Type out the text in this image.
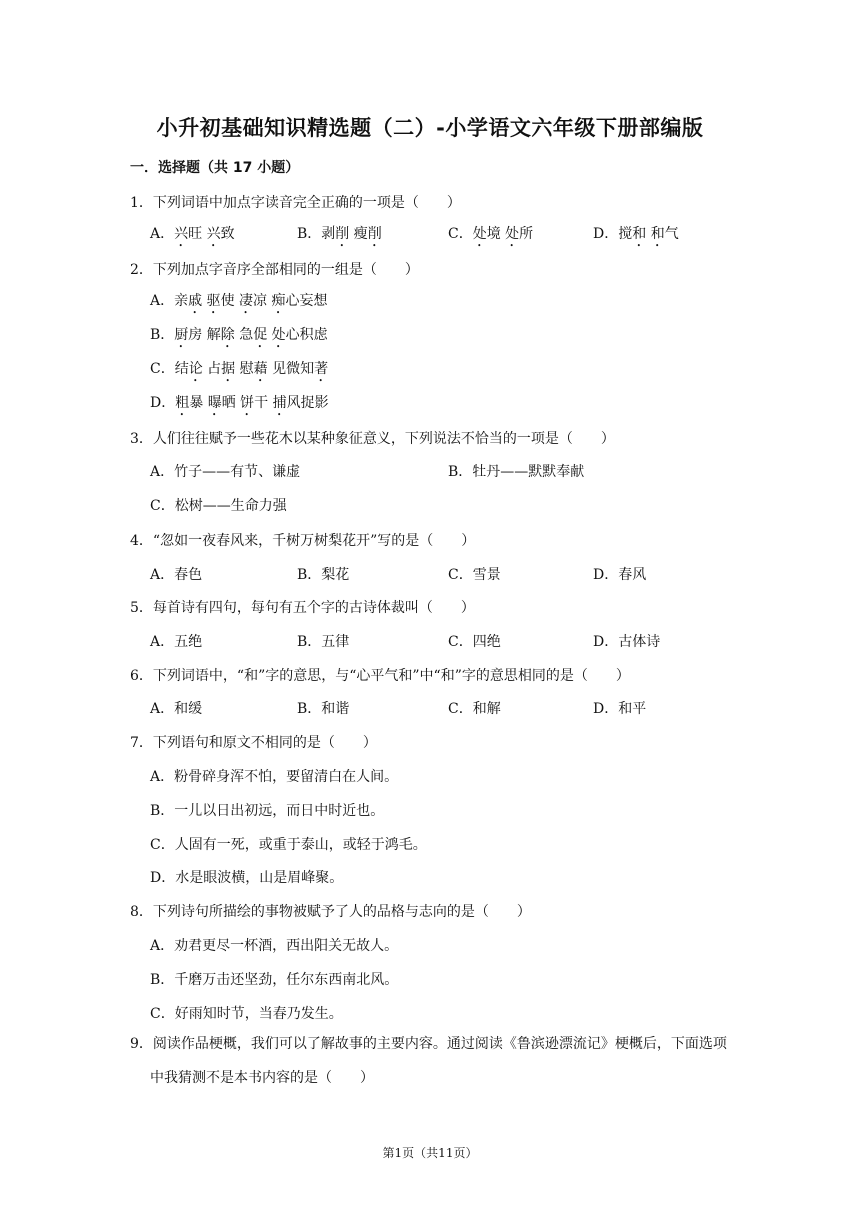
小升初基础知识精选题（二）-小学语文六年级下册部编版
一．选择题（共 17 小题）
1．下列词语中加点字读音完全正确的一项是（　　）
A．兴旺 兴致	B．剥削 瘦削	C．处境 处所	D．搅和 和气
2．下列加点字音序全部相同的一组是（　　）
A．亲戚 驱使 凄凉 痴心妄想
B．厨房 解除 急促 处心积虑
C．结论 占据 慰藉 见微知著
D．粗暴 曝晒 饼干 捕风捉影
3．人们往往赋予一些花木以某种象征意义，下列说法不恰当的一项是（　　）
A．竹子——有节、谦虚	B．牡丹——默默奉献
C．松树——生命力强
4．“忽如一夜春风来，千树万树梨花开”写的是（　　）
A．春色	B．梨花	C．雪景	D．春风
5．每首诗有四句，每句有五个字的古诗体裁叫（　　）
A．五绝	B．五律	C．四绝	D．古体诗
6．下列词语中，“和”字的意思，与“心平气和”中“和”字的意思相同的是（　　）
A．和缓	B．和谐	C．和解	D．和平
7．下列语句和原文不相同的是（　　）
A．粉骨碎身浑不怕，要留清白在人间。
B．一儿以日出初远，而日中时近也。
C．人固有一死，或重于泰山，或轻于鸿毛。
D．水是眼波横，山是眉峰聚。
8．下列诗句所描绘的事物被赋予了人的品格与志向的是（　　）
A．劝君更尽一杯酒，西出阳关无故人。
B．千磨万击还坚劲，任尔东西南北风。
C．好雨知时节，当春乃发生。
9．阅读作品梗概，我们可以了解故事的主要内容。通过阅读《鲁滨逊漂流记》梗概后，下面选项中我猜测不是本书内容的是（　　）
第1页（共11页）
